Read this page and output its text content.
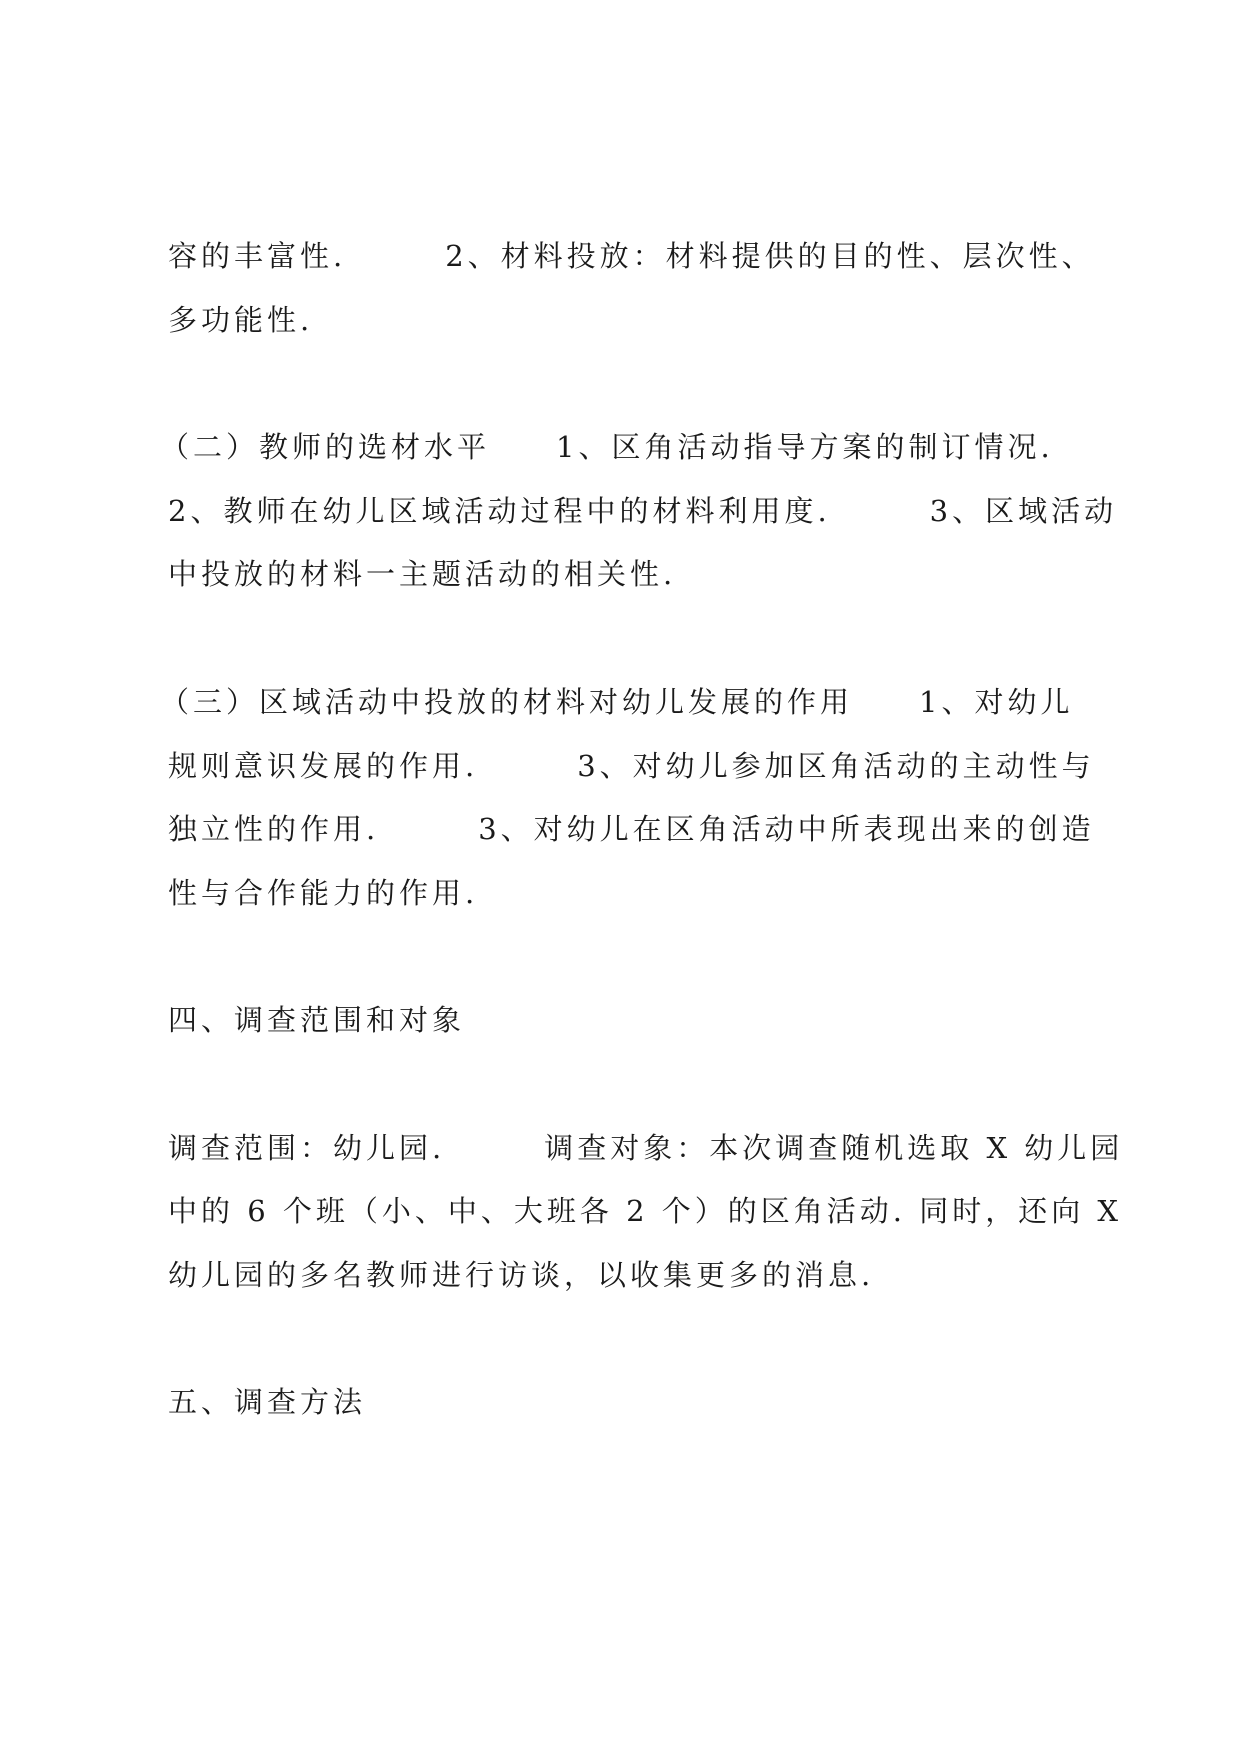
容的丰富性.　　　2、材料投放：材料提供的目的性、层次性、
多功能性.
（二）教师的选材水平　　1、区角活动指导方案的制订情况.
2、教师在幼儿区域活动过程中的材料利用度.　　　3、区域活动
中投放的材料一主题活动的相关性.
（三）区域活动中投放的材料对幼儿发展的作用　　1、对幼儿
规则意识发展的作用.　　　3、对幼儿参加区角活动的主动性与
独立性的作用.　　　3、对幼儿在区角活动中所表现出来的创造
性与合作能力的作用.
四、调查范围和对象
调查范围：幼儿园.　　　调查对象：本次调查随机选取 X 幼儿园
中的 6 个班（小、中、大班各 2 个）的区角活动. 同时，还向 X
幼儿园的多名教师进行访谈，以收集更多的消息.
五、调查方法
